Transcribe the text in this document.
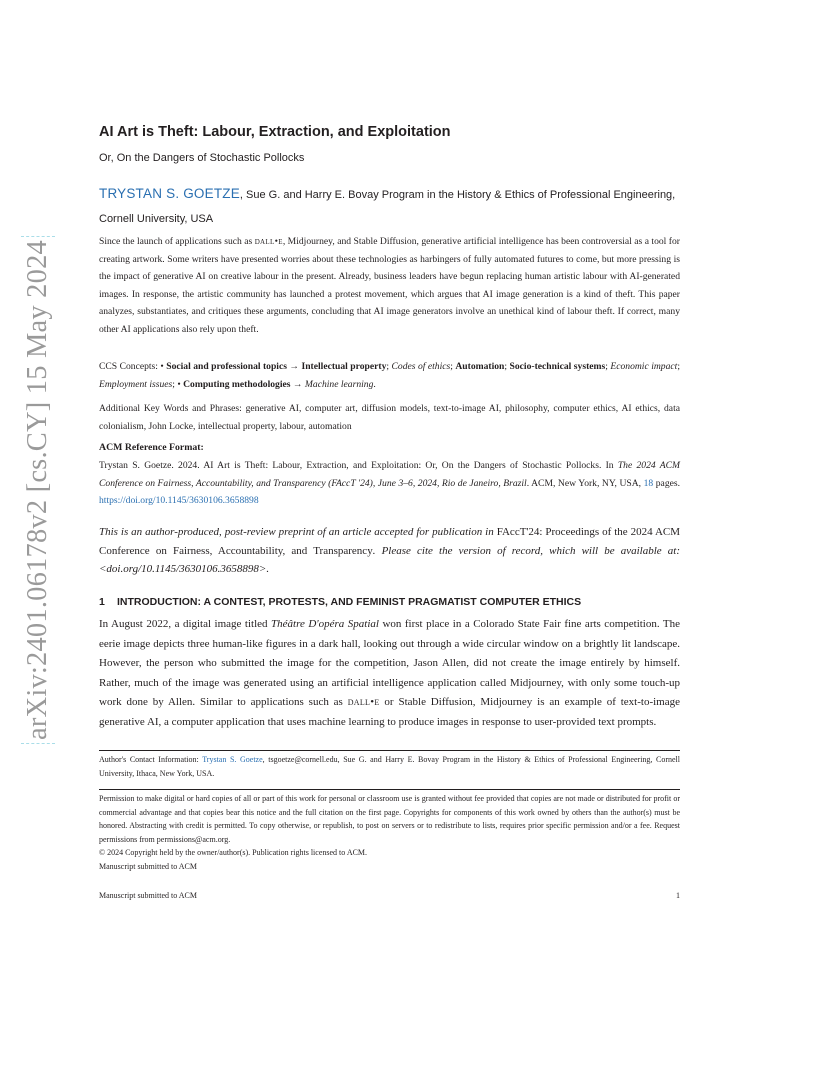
arXiv:2401.06178v2 [cs.CY] 15 May 2024
AI Art is Theft: Labour, Extraction, and Exploitation
Or, On the Dangers of Stochastic Pollocks
TRYSTAN S. GOETZE, Sue G. and Harry E. Bovay Program in the History & Ethics of Professional Engineering,
Cornell University, USA
Since the launch of applications such as dall•e, Midjourney, and Stable Diffusion, generative artificial intelligence has been controversial as a tool for creating artwork. Some writers have presented worries about these technologies as harbingers of fully automated futures to come, but more pressing is the impact of generative AI on creative labour in the present. Already, business leaders have begun replacing human artistic labour with AI-generated images. In response, the artistic community has launched a protest movement, which argues that AI image generation is a kind of theft. This paper analyzes, substantiates, and critiques these arguments, concluding that AI image generators involve an unethical kind of labour theft. If correct, many other AI applications also rely upon theft.
CCS Concepts: • Social and professional topics → Intellectual property; Codes of ethics; Automation; Socio-technical systems; Economic impact; Employment issues; • Computing methodologies → Machine learning.
Additional Key Words and Phrases: generative AI, computer art, diffusion models, text-to-image AI, philosophy, computer ethics, AI ethics, data colonialism, John Locke, intellectual property, labour, automation
ACM Reference Format:
Trystan S. Goetze. 2024. AI Art is Theft: Labour, Extraction, and Exploitation: Or, On the Dangers of Stochastic Pollocks. In The 2024 ACM Conference on Fairness, Accountability, and Transparency (FAccT '24), June 3–6, 2024, Rio de Janeiro, Brazil. ACM, New York, NY, USA, 18 pages. https://doi.org/10.1145/3630106.3658898
This is an author-produced, post-review preprint of an article accepted for publication in FAccT'24: Proceedings of the 2024 ACM Conference on Fairness, Accountability, and Transparency. Please cite the version of record, which will be available at: <doi.org/10.1145/3630106.3658898>.
1 INTRODUCTION: A CONTEST, PROTESTS, AND FEMINIST PRAGMATIST COMPUTER ETHICS
In August 2022, a digital image titled Théâtre D'opéra Spatial won first place in a Colorado State Fair fine arts competition. The eerie image depicts three human-like figures in a dark hall, looking out through a wide circular window on a brightly lit landscape. However, the person who submitted the image for the competition, Jason Allen, did not create the image entirely by himself. Rather, much of the image was generated using an artificial intelligence application called Midjourney, with only some touch-up work done by Allen. Similar to applications such as dall•e or Stable Diffusion, Midjourney is an example of text-to-image generative AI, a computer application that uses machine learning to produce images in response to user-provided text prompts.

Author's Contact Information: Trystan S. Goetze, tsgoetze@cornell.edu, Sue G. and Harry E. Bovay Program in the History & Ethics of Professional Engineering, Cornell University, Ithaca, New York, USA.

Permission to make digital or hard copies of all or part of this work for personal or classroom use is granted without fee provided that copies are not made or distributed for profit or commercial advantage and that copies bear this notice and the full citation on the first page. Copyrights for components of this work owned by others than the author(s) must be honored. Abstracting with credit is permitted. To copy otherwise, or republish, to post on servers or to redistribute to lists, requires prior specific permission and/or a fee. Request permissions from permissions@acm.org.

© 2024 Copyright held by the owner/author(s). Publication rights licensed to ACM.

Manuscript submitted to ACM

Manuscript submitted to ACM	1
